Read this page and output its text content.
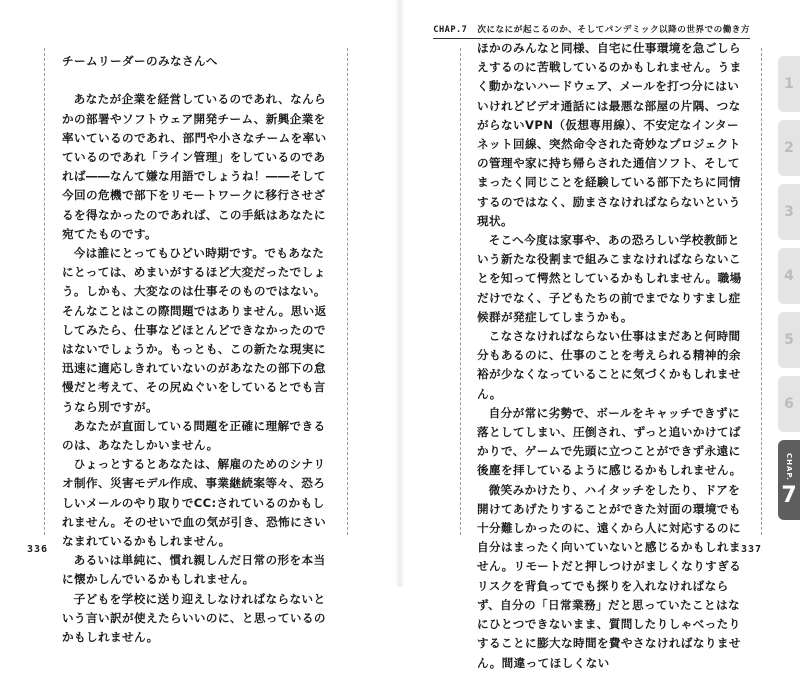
チームリーダーのみなさんへ

あなたが企業を経営しているのであれ、なんらかの部署やソフトウェア開発チーム、新興企業を率いているのであれ、部門や小さなチームを率いているのであれ「ライン管理」をしているのであれば――なんて嫌な用語でしょうね！――そして今回の危機で部下をリモートワークに移行させざるを得なかったのであれば、この手紙はあなたに宛てたものです。

今は誰にとってもひどい時期です。でもあなたにとっては、めまいがするほど大変だったでしょう。しかも、大変なのは仕事そのものではない。そんなことはこの際問題ではありません。思い返してみたら、仕事などほとんどできなかったのではないでしょうか。もっとも、この新たな現実に迅速に適応しきれていないのがあなたの部下の怠慢だと考えて、その尻ぬぐいをしているとでも言うなら別ですが。

あなたが直面している問題を正確に理解できるのは、あなたしかいません。

ひょっとするとあなたは、解雇のためのシナリオ制作、災害モデル作成、事業継続案等々、恐ろしいメールのやり取りでCC:されているのかもしれません。そのせいで血の気が引き、恐怖にさいなまれているかもしれません。

あるいは単純に、慣れ親しんだ日常の形を本当に懐かしんでいるかもしれません。

子どもを学校に送り迎えしなければならないという言い訳が使えたらいいのに、と思っているのかもしれません。

336
CHAP.7 次になにが起こるのか、そしてパンデミック以降の世界での働き方

ほかのみんなと同様、自宅に仕事環境を急ごしらえするのに苦戦しているのかもしれません。うまく動かないハードウェア、メールを打つ分にはいいけれどビデオ通話には最悪な部屋の片隅、つながらないVPN（仮想専用線）、不安定なインターネット回線、突然命令された奇妙なプロジェクトの管理や家に持ち帰らされた通信ソフト、そしてまったく同じことを経験している部下たちに同情するのではなく、励まさなければならないという現状。

そこへ今度は家事や、あの恐ろしい学校教師という新たな役割まで組みこまなければならないことを知って愕然としているかもしれません。職場だけでなく、子どもたちの前でまでなりすまし症候群が発症してしまうかも。

こなさなければならない仕事はまだあと何時間分もあるのに、仕事のことを考えられる精神的余裕が少なくなっていることに気づくかもしれません。

自分が常に劣勢で、ボールをキャッチできずに落としてしまい、圧倒され、ずっと追いかけてばかりで、ゲームで先頭に立つことができず永遠に後塵を拝しているように感じるかもしれません。

微笑みかけたり、ハイタッチをしたり、ドアを開けてあげたりすることができた対面の環境でも十分難しかったのに、遠くから人に対応するのに自分はまったく向いていないと感じるかもしれません。リモートだと押しつけがましくなりすぎるリスクを背負ってでも探りを入れなければならず、自分の「日常業務」だと思っていたことはなにひとつできないまま、質問したりしゃべったりすることに膨大な時間を費やさなければなりません。間違ってほしくない

337
1
2
3
4
5
6
CHAP.
7
